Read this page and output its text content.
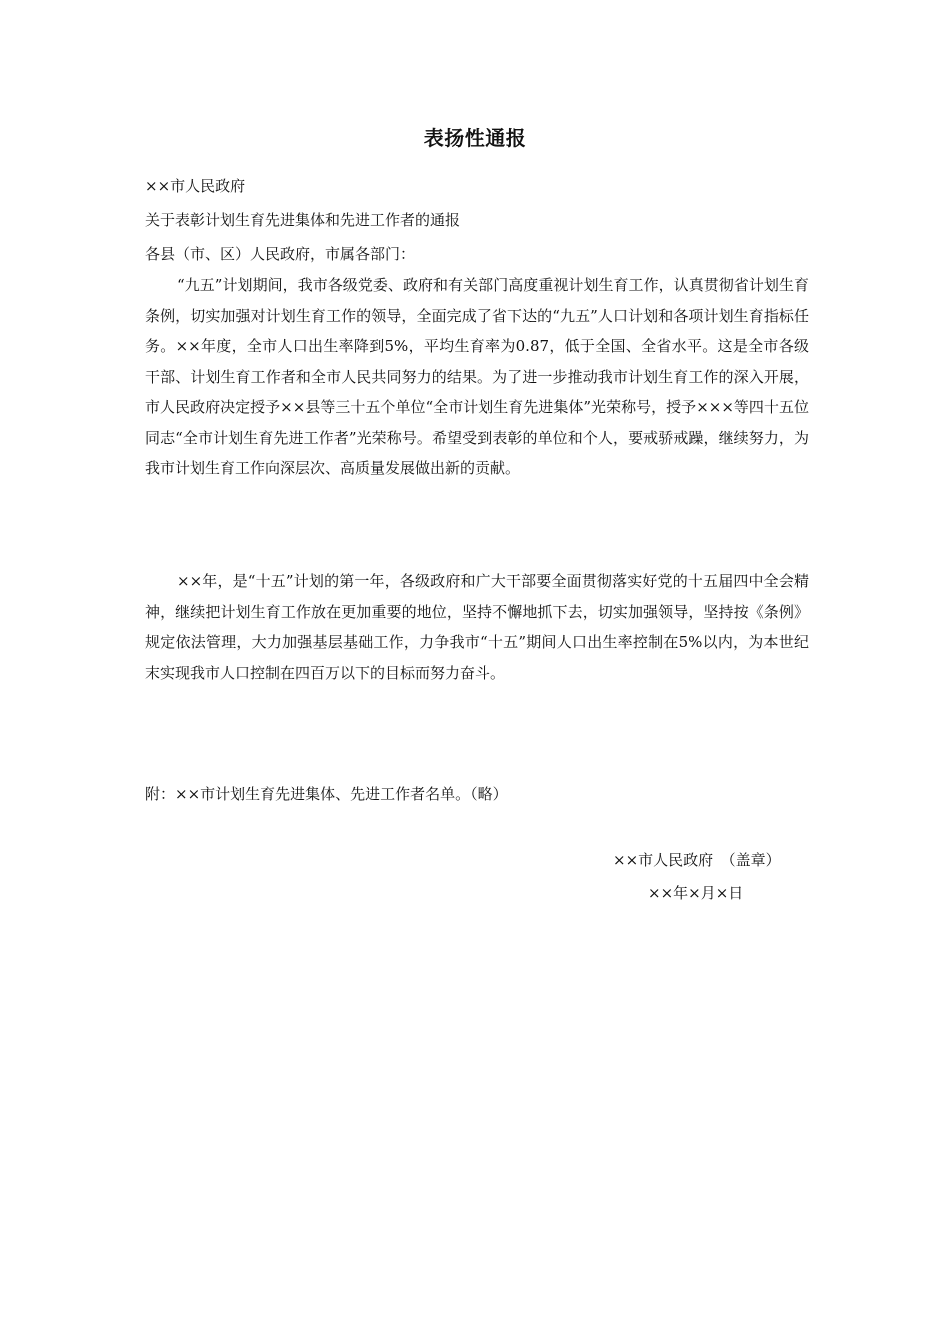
表扬性通报
××市人民政府
关于表彰计划生育先进集体和先进工作者的通报
各县（市、区）人民政府，市属各部门：
“九五”计划期间，我市各级党委、政府和有关部门高度重视计划生育工作，认真贯彻省计划生育条例，切实加强对计划生育工作的领导，全面完成了省下达的“九五”人口计划和各项计划生育指标任务。××年度，全市人口出生率降到5%，平均生育率为0.87，低于全国、全省水平。这是全市各级干部、计划生育工作者和全市人民共同努力的结果。为了进一步推动我市计划生育工作的深入开展，市人民政府决定授予××县等三十五个单位“全市计划生育先进集体”光荣称号，授予×××等四十五位同志“全市计划生育先进工作者”光荣称号。希望受到表彰的单位和个人，要戒骄戒躁，继续努力，为我市计划生育工作向深层次、高质量发展做出新的贡献。
××年，是“十五”计划的第一年，各级政府和广大干部要全面贯彻落实好党的十五届四中全会精神，继续把计划生育工作放在更加重要的地位，坚持不懈地抓下去，切实加强领导，坚持按《条例》规定依法管理，大力加强基层基础工作，力争我市“十五”期间人口出生率控制在5%以内，为本世纪末实现我市人口控制在四百万以下的目标而努力奋斗。
附：××市计划生育先进集体、先进工作者名单。（略）
××市人民政府　（盖章）
××年×月×日
